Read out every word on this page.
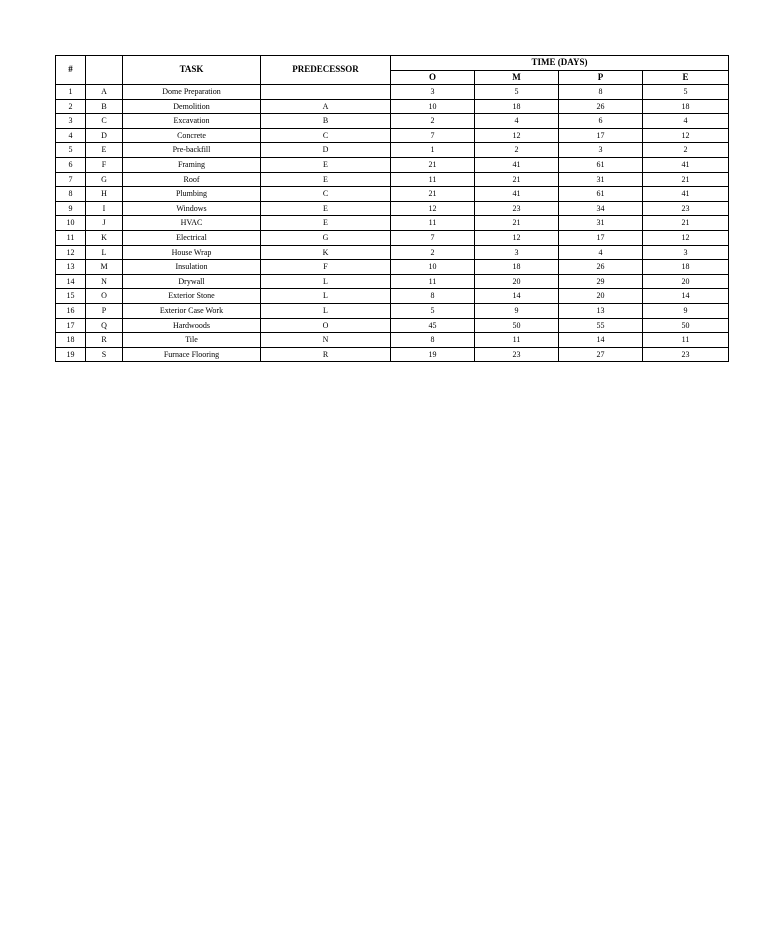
#		TASK	PREDECESSOR	TIME (DAYS)			
				O	M	P	E
1	A	Dome Preparation		3	5	8	5
2	B	Demolition	A	10	18	26	18
3	C	Excavation	B	2	4	6	4
4	D	Concrete	C	7	12	17	12
5	E	Pre-backfill	D	1	2	3	2
6	F	Framing	E	21	41	61	41
7	G	Roof	E	11	21	31	21
8	H	Plumbing	C	21	41	61	41
9	I	Windows	E	12	23	34	23
10	J	HVAC	E	11	21	31	21
11	K	Electrical	G	7	12	17	12
12	L	House Wrap	K	2	3	4	3
13	M	Insulation	F	10	18	26	18
14	N	Drywall	L	11	20	29	20
15	O	Exterior Stone	L	8	14	20	14
16	P	Exterior Case Work	L	5	9	13	9
17	Q	Hardwoods	O	45	50	55	50
18	R	Tile	N	8	11	14	11
19	S	Furnace Flooring	R	19	23	27	23
